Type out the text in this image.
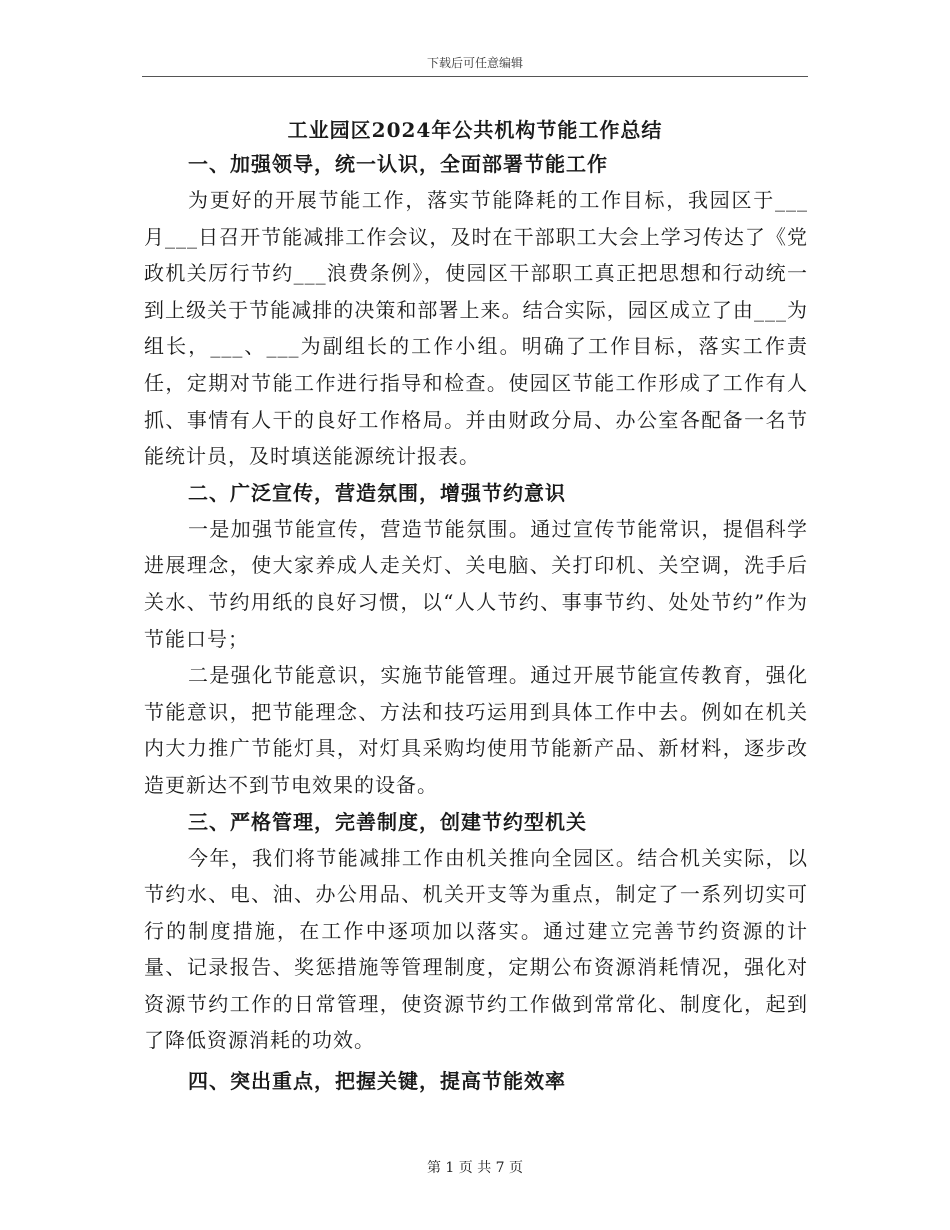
下载后可任意编辑
工业园区2024年公共机构节能工作总结

一、加强领导，统一认识，全面部署节能工作

为更好的开展节能工作，落实节能降耗的工作目标，我园区于___月___日召开节能减排工作会议，及时在干部职工大会上学习传达了《党政机关厉行节约___浪费条例》，使园区干部职工真正把思想和行动统一到上级关于节能减排的决策和部署上来。结合实际，园区成立了由___为组长，___、___为副组长的工作小组。明确了工作目标，落实工作责任，定期对节能工作进行指导和检查。使园区节能工作形成了工作有人抓、事情有人干的良好工作格局。并由财政分局、办公室各配备一名节能统计员，及时填送能源统计报表。

二、广泛宣传，营造氛围，增强节约意识

一是加强节能宣传，营造节能氛围。通过宣传节能常识，提倡科学进展理念，使大家养成人走关灯、关电脑、关打印机、关空调，洗手后关水、节约用纸的良好习惯，以“人人节约、事事节约、处处节约”作为节能口号；

二是强化节能意识，实施节能管理。通过开展节能宣传教育，强化节能意识，把节能理念、方法和技巧运用到具体工作中去。例如在机关内大力推广节能灯具，对灯具采购均使用节能新产品、新材料，逐步改造更新达不到节电效果的设备。

三、严格管理，完善制度，创建节约型机关

今年，我们将节能减排工作由机关推向全园区。结合机关实际，以节约水、电、油、办公用品、机关开支等为重点，制定了一系列切实可行的制度措施，在工作中逐项加以落实。通过建立完善节约资源的计量、记录报告、奖惩措施等管理制度，定期公布资源消耗情况，强化对资源节约工作的日常管理，使资源节约工作做到常常化、制度化，起到了降低资源消耗的功效。

四、突出重点，把握关键，提高节能效率

第 1 页 共 7 页
